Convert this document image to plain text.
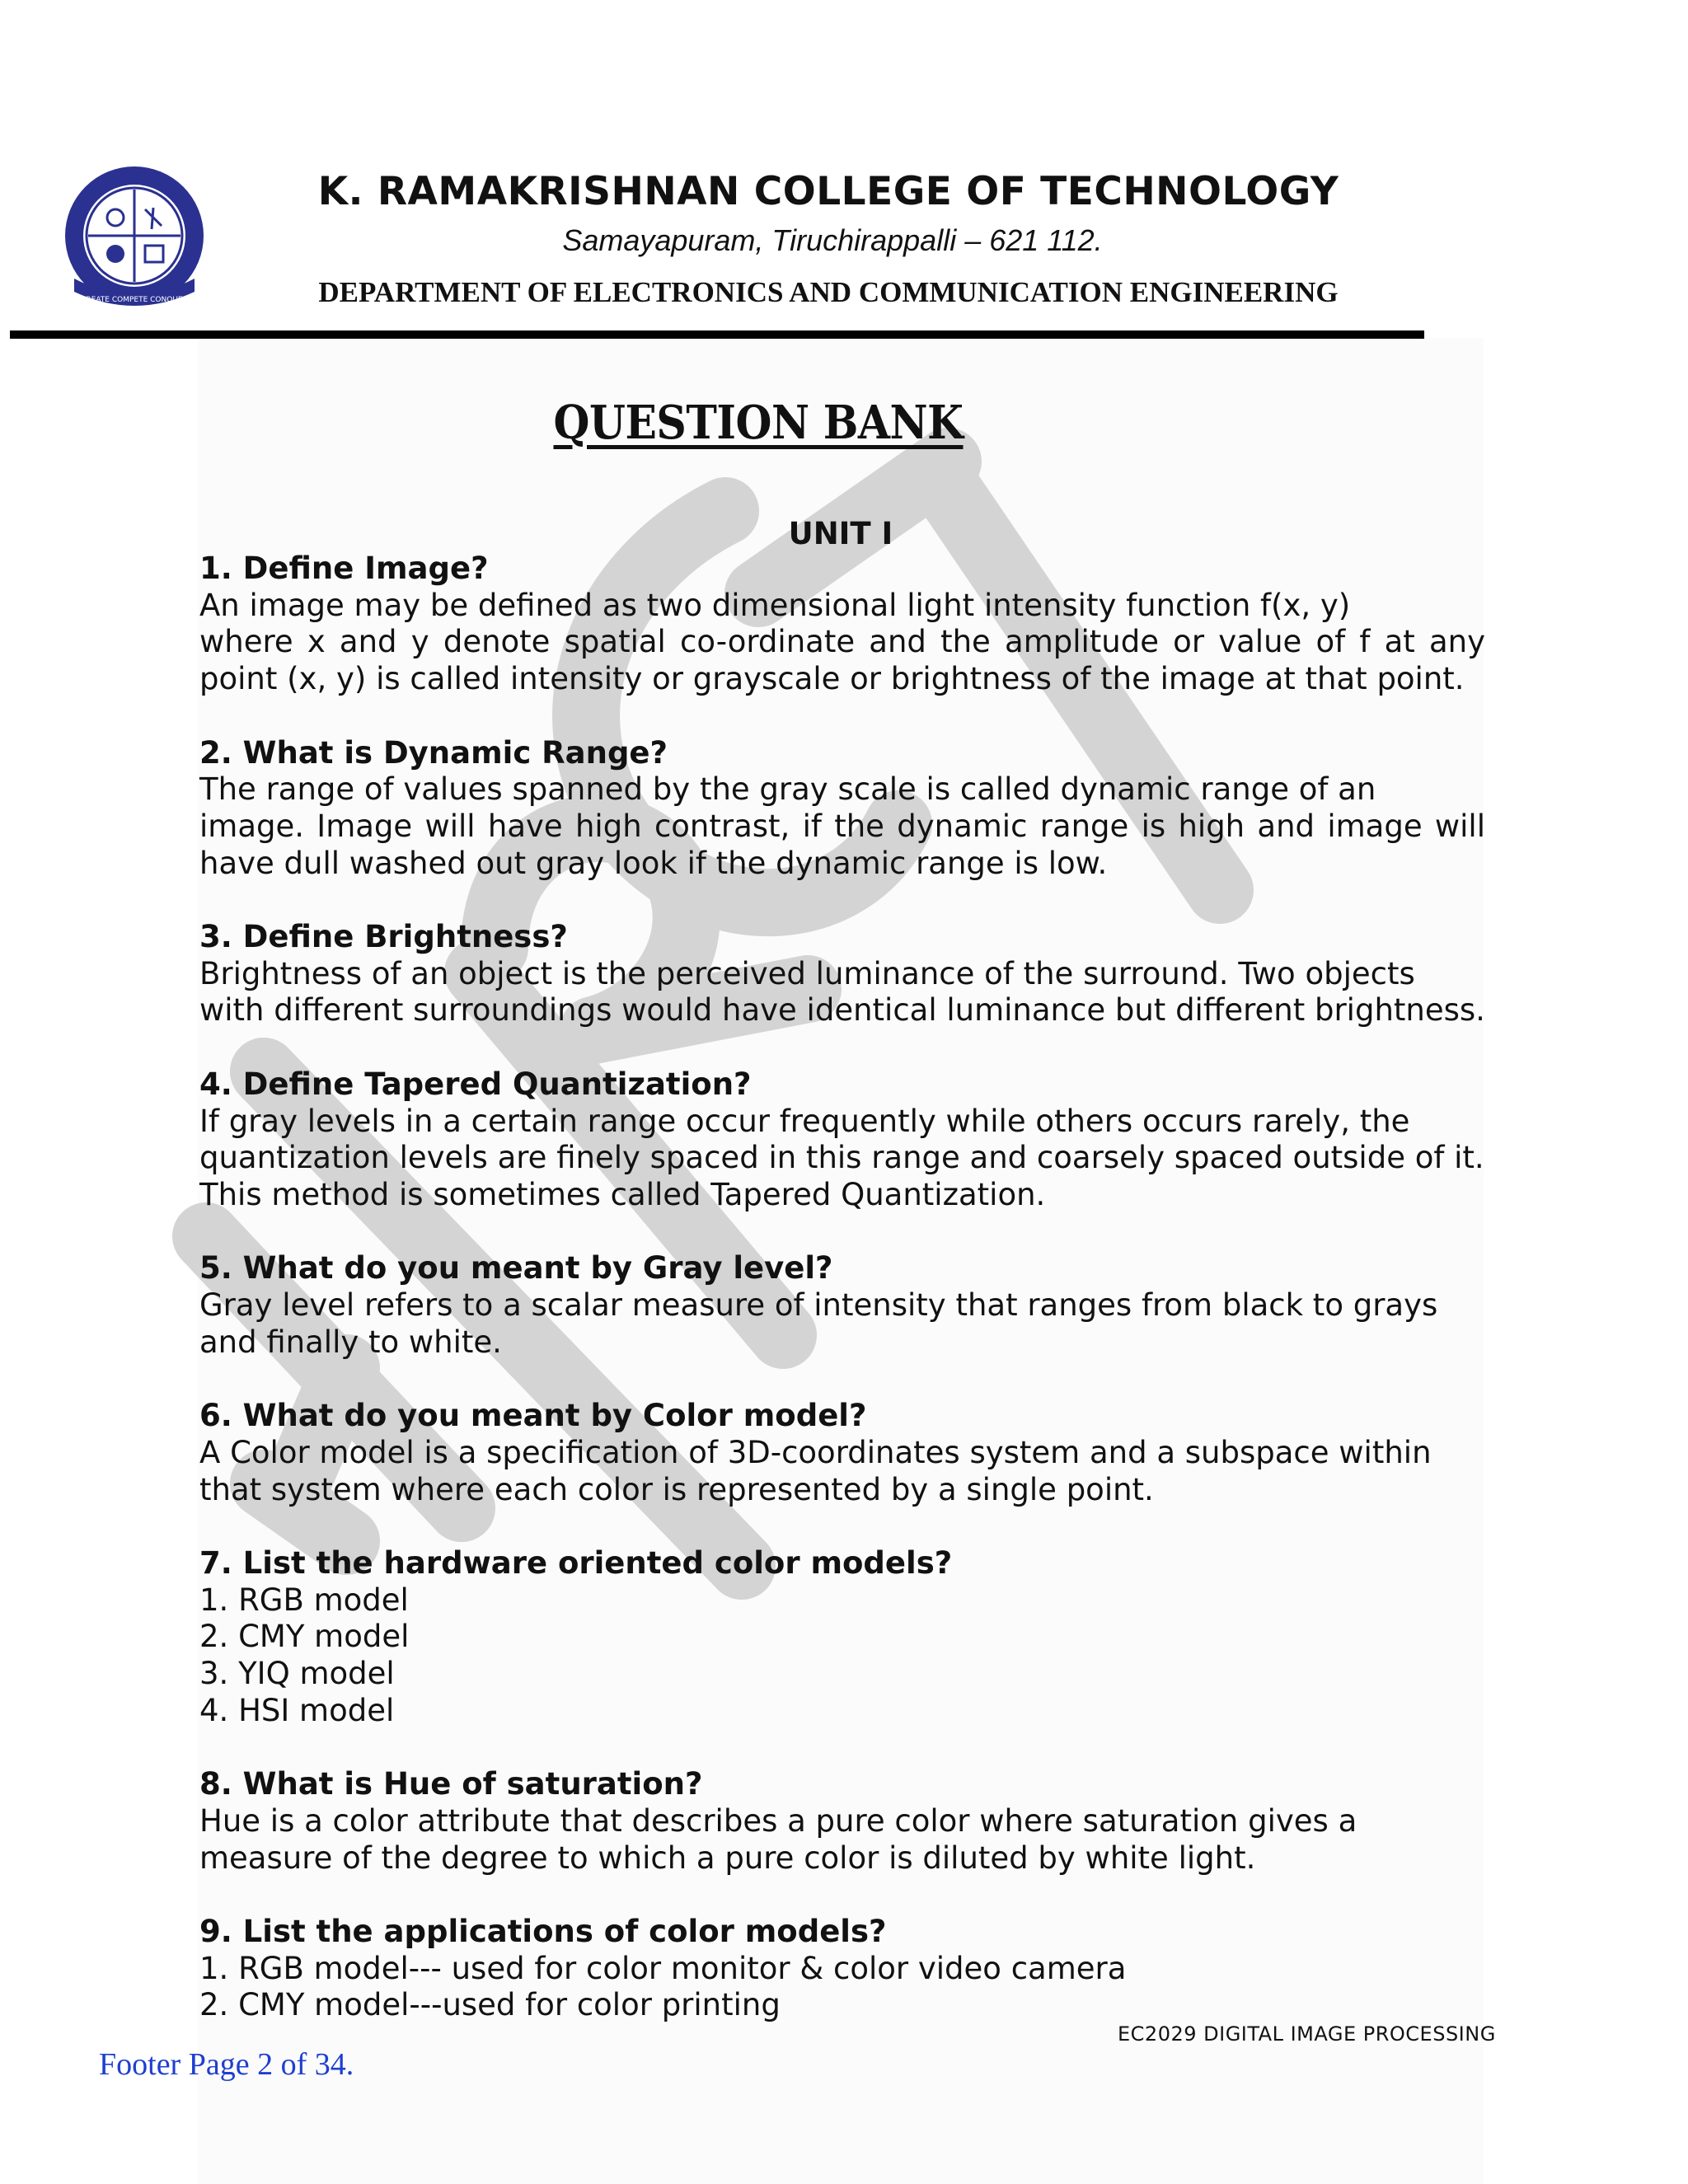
CREATE COMPETE CONQUER
K. RAMAKRISHNAN COLLEGE OF TECHNOLOGY
Samayapuram, Tiruchirappalli – 621 112.
DEPARTMENT OF ELECTRONICS AND COMMUNICATION ENGINEERING
QUESTION BANK
UNIT I
1. Define Image?
An image may be defined as two dimensional light intensity function f(x, y)
where x and y denote spatial co-ordinate and the amplitude or value of f at any point (x, y) is called intensity or grayscale or brightness of the image at that point.
2. What is Dynamic Range?
The range of values spanned by the gray scale is called dynamic range of an
image. Image will have high contrast, if the dynamic range is high and image will have dull washed out gray look if the dynamic range is low.
3. Define Brightness?
Brightness of an object is the perceived luminance of the surround. Two objects
with different surroundings would have identical luminance but different brightness.
4. Define Tapered Quantization?
If gray levels in a certain range occur frequently while others occurs rarely, the
quantization levels are finely spaced in this range and coarsely spaced outside of it.
This method is sometimes called Tapered Quantization.
5. What do you meant by Gray level?
Gray level refers to a scalar measure of intensity that ranges from black to grays
and finally to white.
6. What do you meant by Color model?
A Color model is a specification of 3D-coordinates system and a subspace within
that system where each color is represented by a single point.
7. List the hardware oriented color models?
1. RGB model
2. CMY model
3. YIQ model
4. HSI model
8. What is Hue of saturation?
Hue is a color attribute that describes a pure color where saturation gives a
measure of the degree to which a pure color is diluted by white light.
9. List the applications of color models?
1. RGB model--- used for color monitor & color video camera
2. CMY model---used for color printing
EC2029 DIGITAL IMAGE PROCESSING
Footer Page 2 of 34.
